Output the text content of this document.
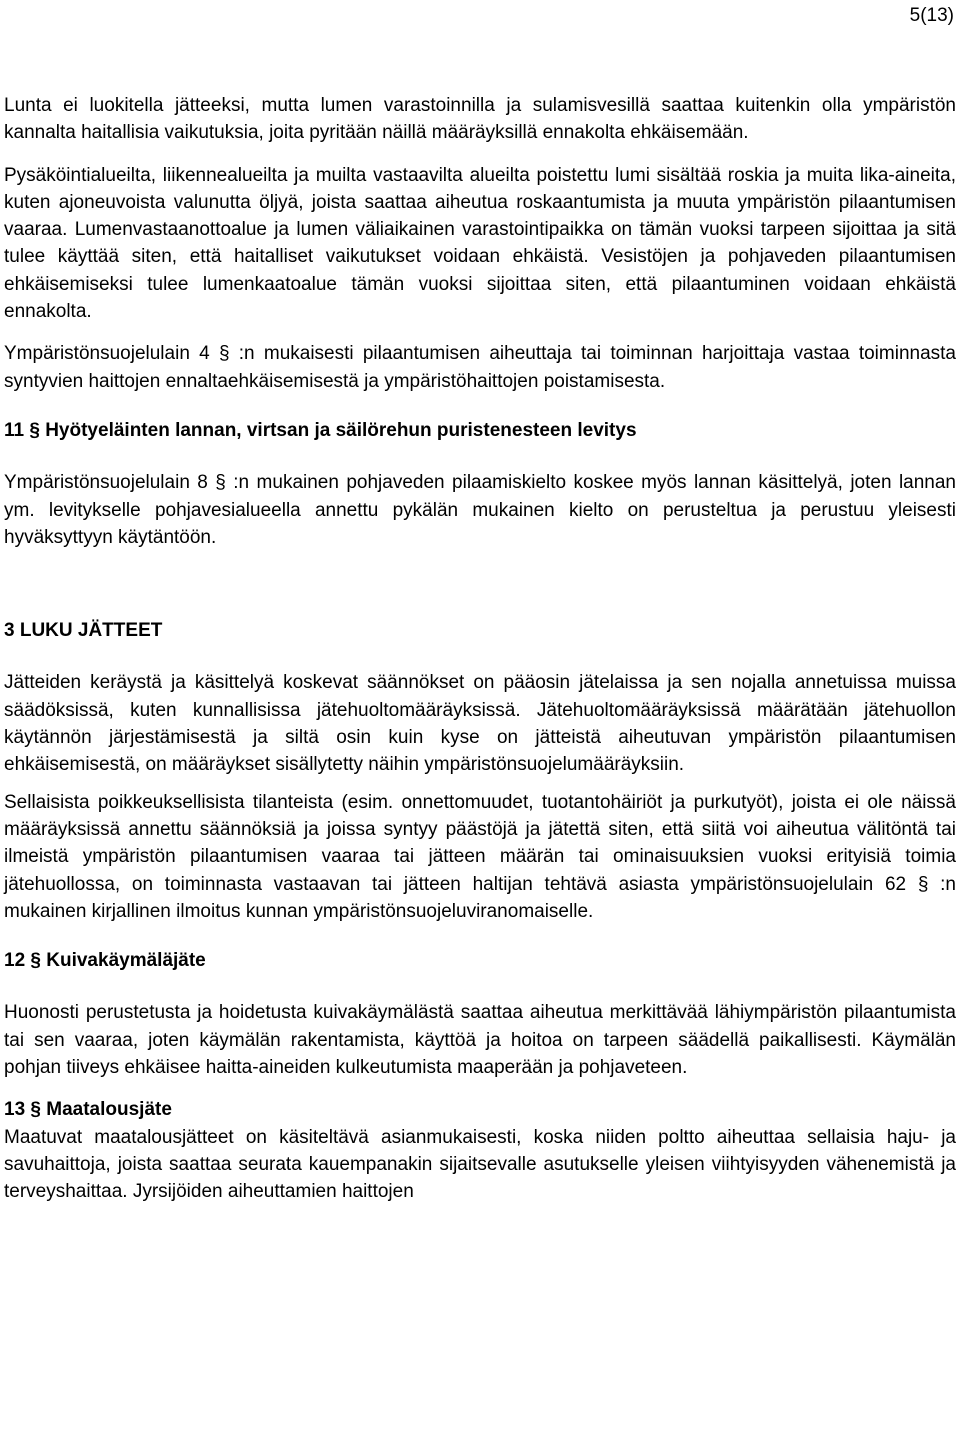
5(13)

Lunta ei luokitella jätteeksi, mutta lumen varastoinnilla ja sulamisvesillä saattaa kuitenkin olla ympäristön kannalta haitallisia vaikutuksia, joita pyritään näillä määräyksillä ennakolta ehkäisemään.

Pysäköintialueilta, liikennealueilta ja muilta vastaavilta alueilta poistettu lumi sisältää roskia ja muita lika-aineita, kuten ajoneuvoista valunutta öljyä, joista saattaa aiheutua roskaantumista ja muuta ympäristön pilaantumisen vaaraa. Lumenvastaanottoalue ja lumen väliaikainen varastointipaikka on tämän vuoksi tarpeen sijoittaa ja sitä tulee käyttää siten, että haitalliset vaikutukset voidaan ehkäistä. Vesistöjen ja pohjaveden pilaantumisen ehkäisemiseksi tulee lumenkaatoalue tämän vuoksi sijoittaa siten, että pilaantuminen voidaan ehkäistä ennakolta.

Ympäristönsuojelulain 4 § :n mukaisesti pilaantumisen aiheuttaja tai toiminnan harjoittaja vastaa toiminnasta syntyvien haittojen ennaltaehkäisemisestä ja ympäristöhaittojen poistamisesta.

11 § Hyötyeläinten lannan, virtsan ja säilörehun puristenesteen levitys

Ympäristönsuojelulain 8 § :n mukainen pohjaveden pilaamiskielto koskee myös lannan käsittelyä, joten lannan ym. levitykselle pohjavesialueella annettu pykälän mukainen kielto on perusteltua ja perustuu yleisesti hyväksyttyyn käytäntöön.

3 LUKU JÄTTEET

Jätteiden keräystä ja käsittelyä koskevat säännökset on pääosin jätelaissa ja sen nojalla annetuissa muissa säädöksissä, kuten kunnallisissa jätehuoltomääräyksissä. Jätehuoltomääräyksissä määrätään jätehuollon käytännön järjestämisestä ja siltä osin kuin kyse on jätteistä aiheutuvan ympäristön pilaantumisen ehkäisemisestä, on määräykset sisällytetty näihin ympäristönsuojelumääräyksiin.

Sellaisista poikkeuksellisista tilanteista (esim. onnettomuudet, tuotantohäiriöt ja purkutyöt), joista ei ole näissä määräyksissä annettu säännöksiä ja joissa syntyy päästöjä ja jätettä siten, että siitä voi aiheutua välitöntä tai ilmeistä ympäristön pilaantumisen vaaraa tai jätteen määrän tai ominaisuuksien vuoksi erityisiä toimia jätehuollossa, on toiminnasta vastaavan tai jätteen haltijan tehtävä asiasta ympäristönsuojelulain 62 § :n mukainen kirjallinen ilmoitus kunnan ympäristönsuojeluviranomaiselle.

12 § Kuivakäymäläjäte

Huonosti perustetusta ja hoidetusta kuivakäymälästä saattaa aiheutua merkittävää lähiympäristön pilaantumista tai sen vaaraa, joten käymälän rakentamista, käyttöä ja hoitoa on tarpeen säädellä paikallisesti. Käymälän pohjan tiiveys ehkäisee haitta-aineiden kulkeutumista maaperään ja pohjaveteen.

13 § Maatalousjäte

Maatuvat maatalousjätteet on käsiteltävä asianmukaisesti, koska niiden poltto aiheuttaa sellaisia haju- ja savuhaittoja, joista saattaa seurata kauempanakin sijaitsevalle asutukselle yleisen viihtyisyyden vähenemistä ja terveyshaittaa. Jyrsijöiden aiheuttamien haittojen
